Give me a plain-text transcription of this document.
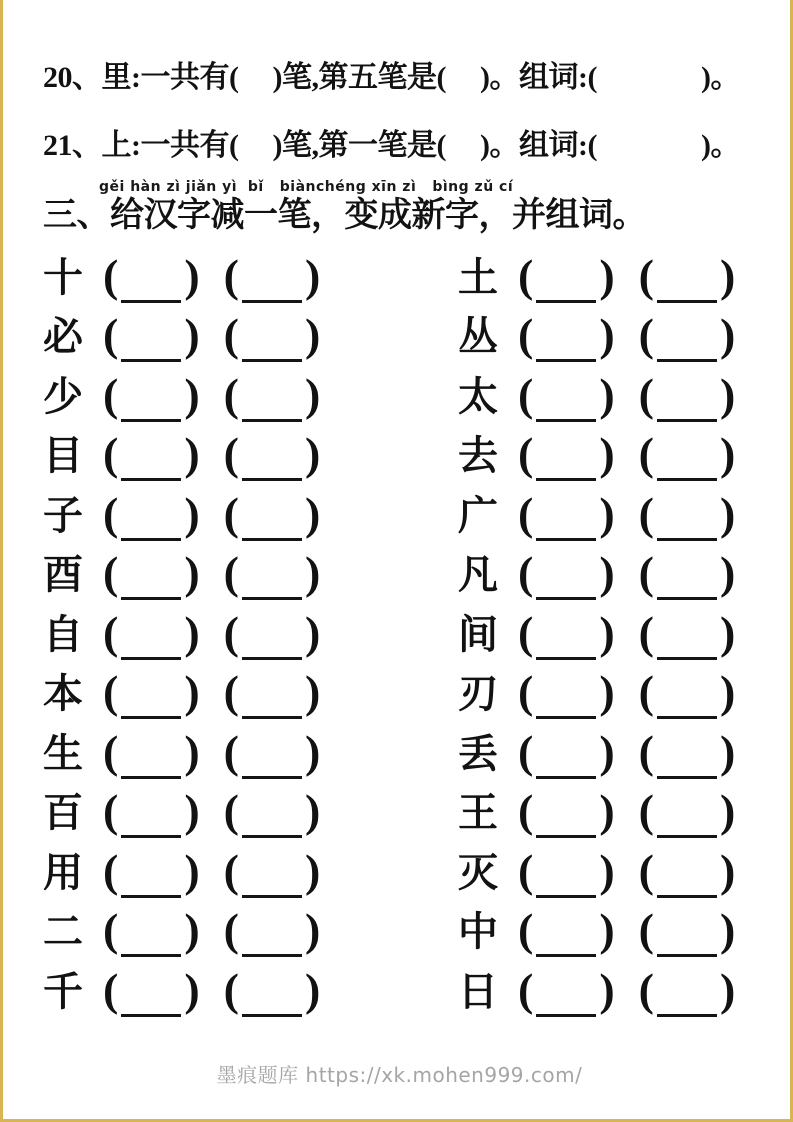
20、里:一共有( )笔,第五笔是( )。组词:(	)。
21、上:一共有( )笔,第一笔是( )。组词:(	)。
gěi hàn zì jiǎn yì  bǐ   biànchéng xīn zì   bìng zǔ cí
三、给汉字减一笔，变成新字，并组词。
十 ( ) ( )	土 ( ) ( )
必 ( ) ( )	丛 ( ) ( )
少 ( ) ( )	太 ( ) ( )
目 ( ) ( )	去 ( ) ( )
子 ( ) ( )	广 ( ) ( )
酉 ( ) ( )	凡 ( ) ( )
自 ( ) ( )	间 ( ) ( )
本 ( ) ( )	刃 ( ) ( )
生 ( ) ( )	丢 ( ) ( )
百 ( ) ( )	王 ( ) ( )
用 ( ) ( )	灭 ( ) ( )
二 ( ) ( )	中 ( ) ( )
千 ( ) ( )	日 ( ) ( )
墨痕题库 https://xk.mohen999.com/
